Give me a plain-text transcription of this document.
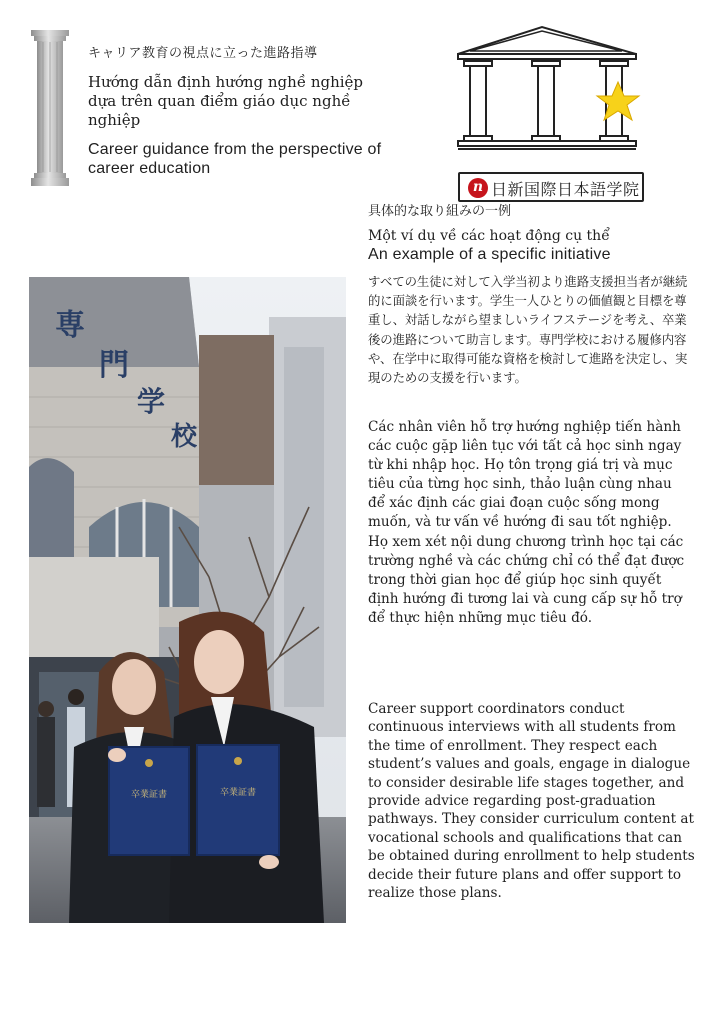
キャリア教育の視点に立った進路指導
Hướng dẫn định hướng nghề nghiệp dựa trên quan điểm giáo dục nghề nghiệp
Career guidance from the perspective of career education
n 日新国際日本語学院
具体的な取り組みの一例
Một ví dụ về các hoạt động cụ thể
An example of a specific initiative
専
門
学
校
卒業証書	卒業証書
すべての生徒に対して入学当初より進路支援担当者が継続的に面談を行います。学生一人ひとりの価値観と目標を尊重し、対話しながら望ましいライフステージを考え、卒業後の進路について助言します。専門学校における履修内容や、在学中に取得可能な資格を検討して進路を決定し、実現のための支援を行います。
Các nhân viên hỗ trợ hướng nghiệp tiến hành các cuộc gặp liên tục với tất cả học sinh ngay từ khi nhập học. Họ tôn trọng giá trị và mục tiêu của từng học sinh, thảo luận cùng nhau để xác định các giai đoạn cuộc sống mong muốn, và tư vấn về hướng đi sau tốt nghiệp. Họ xem xét nội dung chương trình học tại các trường nghề và các chứng chỉ có thể đạt được trong thời gian học để giúp học sinh quyết định hướng đi tương lai và cung cấp sự hỗ trợ để thực hiện những mục tiêu đó.
Career support coordinators conduct continuous interviews with all students from the time of enrollment. They respect each student’s values and goals, engage in dialogue to consider desirable life stages together, and provide advice regarding post-graduation pathways. They consider curriculum content at vocational schools and qualifications that can be obtained during enrollment to help students decide their future plans and offer support to realize those plans.
